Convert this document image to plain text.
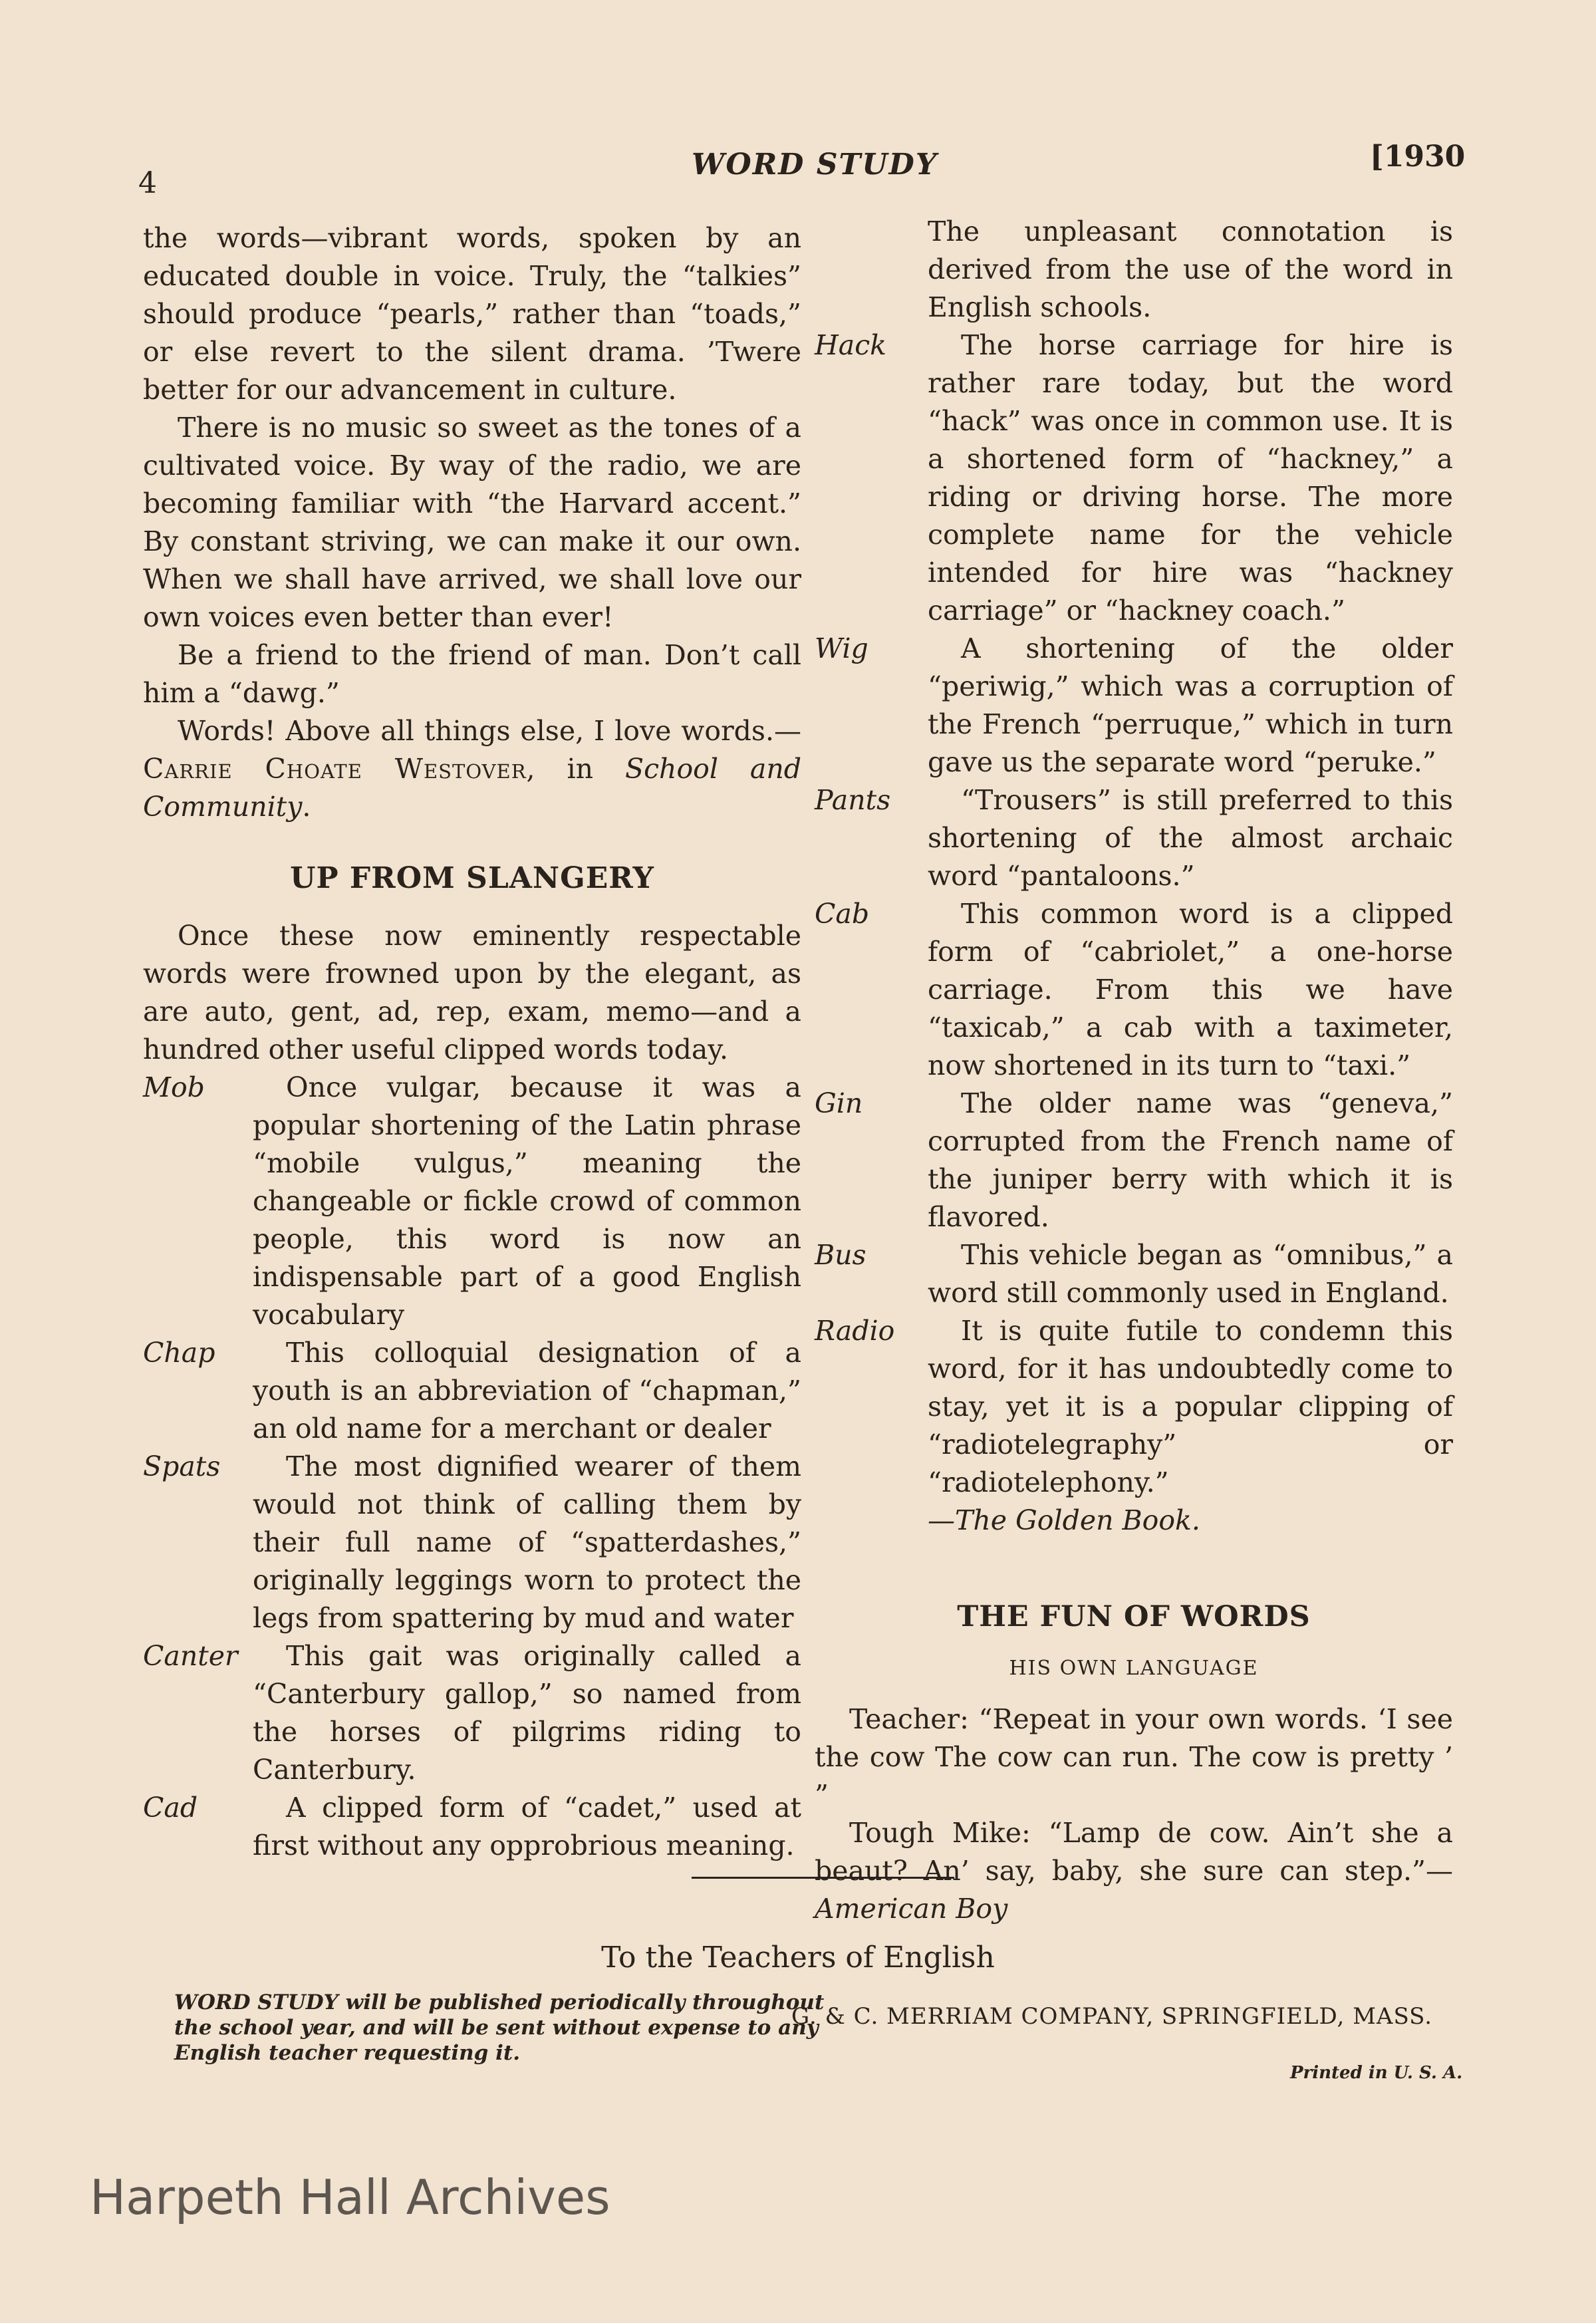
4
WORD STUDY	[1930

the words—vibrant words, spoken by an educated double in voice. Truly, the “talkies” should produce “pearls,” rather than “toads,” or else revert to the silent drama. ’Twere better for our advancement in culture.

There is no music so sweet as the tones of a cultivated voice. By way of the radio, we are becoming familiar with “the Harvard accent.” By constant striving, we can make it our own. When we shall have arrived, we shall love our own voices even better than ever!

Be a friend to the friend of man. Don’t call him a “dawg.”

Words! Above all things else, I love words.—Carrie Choate Westover, in School and Community.

UP FROM SLANGERY

Once these now eminently respectable words were frowned upon by the elegant, as are auto, gent, ad, rep, exam, memo—and a hundred other useful clipped words today.

Mob	Once vulgar, because it was a popular shortening of the Latin phrase “mobile vulgus,” meaning the changeable or fickle crowd of common people, this word is now an indispensable part of a good English vocabulary
Chap	This colloquial designation of a youth is an abbreviation of “chapman,” an old name for a merchant or dealer
Spats	The most dignified wearer of them would not think of calling them by their full name of “spatterdashes,” originally leggings worn to protect the legs from spattering by mud and water
Canter	This gait was originally called a “Canterbury gallop,” so named from the horses of pilgrims riding to Canterbury.
Cad	A clipped form of “cadet,” used at first without any opprobrious meaning.
The unpleasant connotation is derived from the use of the word in English schools.
Hack	The horse carriage for hire is rather rare today, but the word “hack” was once in common use. It is a shortened form of “hackney,” a riding or driving horse. The more complete name for the vehicle intended for hire was “hackney carriage” or “hackney coach.”
Wig	A shortening of the older “periwig,” which was a corruption of the French “perruque,” which in turn gave us the separate word “peruke.”
Pants	“Trousers” is still preferred to this shortening of the almost archaic word “pantaloons.”
Cab	This common word is a clipped form of “cabriolet,” a one-horse carriage. From this we have “taxicab,” a cab with a taximeter, now shortened in its turn to “taxi.”
Gin	The older name was “geneva,” corrupted from the French name of the juniper berry with which it is flavored.
Bus	This vehicle began as “omnibus,” a word still commonly used in England.
Radio	It is quite futile to condemn this word, for it has undoubtedly come to stay, yet it is a popular clipping of “radiotelegraphy” or “radiotelephony.”

—The Golden Book.

THE FUN OF WORDS
HIS OWN LANGUAGE

Teacher: “Repeat in your own words. ‘I see the cow The cow can run. The cow is pretty ’ ”

Tough Mike: “Lamp de cow. Ain’t she a beaut? An’ say, baby, she sure can step.”— American Boy

To the Teachers of English
WORD STUDY will be published periodically throughout the school year, and will be sent without expense to any English teacher requesting it.
G. & C. MERRIAM COMPANY, SPRINGFIELD, MASS.
Printed in U. S. A.
Harpeth Hall Archives
